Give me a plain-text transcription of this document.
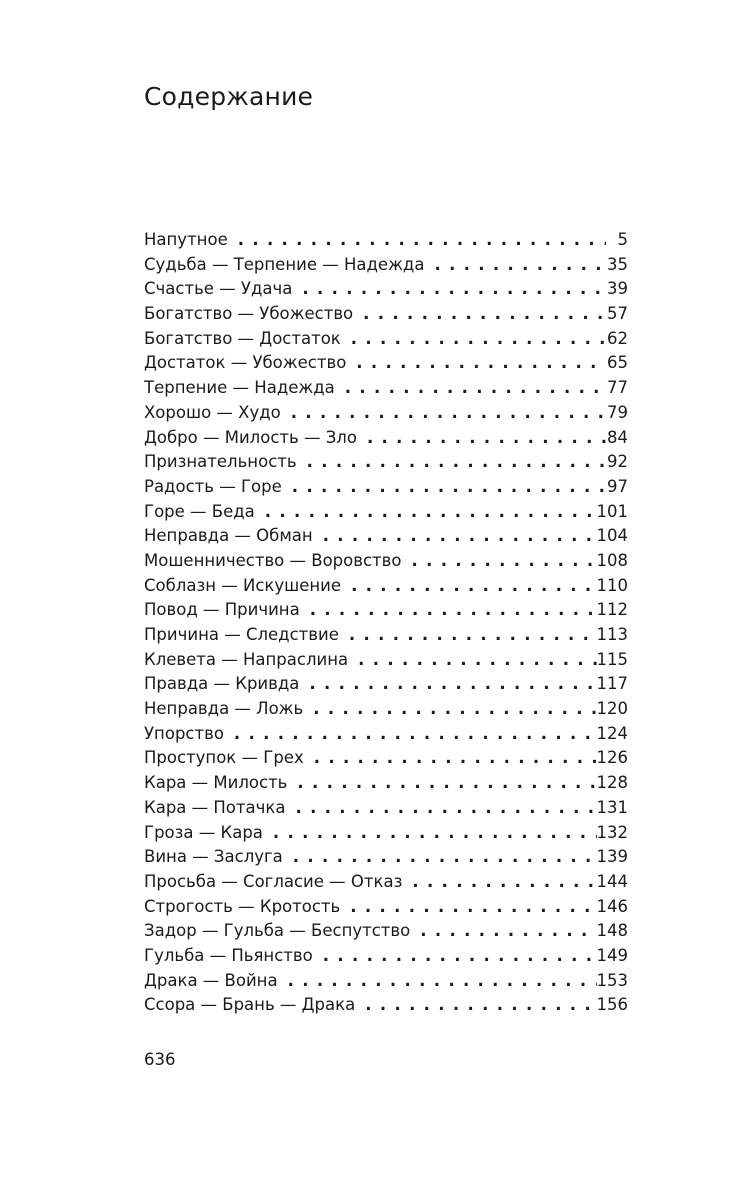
Содержание
Напутное . . .	5
Судьба — Терпение — Надежда . . .	35
Счастье — Удача . . .	39
Богатство — Убожество . . .	57
Богатство — Достаток . . .	62
Достаток — Убожество . . .	65
Терпение — Надежда . . .	77
Хорошо — Худо . . .	79
Добро — Милость — Зло . . .	84
Признательность . . .	92
Радость — Горе . . .	97
Горе — Беда . . .	101
Неправда — Обман . . .	104
Мошенничество — Воровство . . .	108
Соблазн — Искушение . . .	110
Повод — Причина . . .	112
Причина — Следствие . . .	113
Клевета — Напраслина . . .	115
Правда — Кривда . . .	117
Неправда — Ложь . . .	120
Упорство . . .	124
Проступок — Грех . . .	126
Кара — Милость . . .	128
Кара — Потачка . . .	131
Гроза — Кара . . .	132
Вина — Заслуга . . .	139
Просьба — Согласие — Отказ . . .	144
Строгость — Кротость . . .	146
Задор — Гульба — Беспутство . . .	148
Гульба — Пьянство . . .	149
Драка — Война . . .	153
Ссора — Брань — Драка . . .	156
636
